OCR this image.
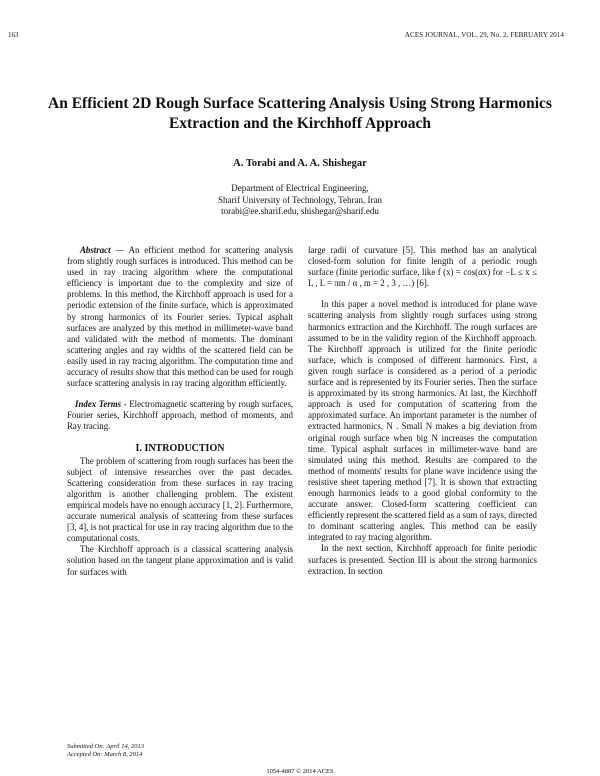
163	ACES JOURNAL, VOL. 29, No. 2, FEBRUARY 2014
An Efficient 2D Rough Surface Scattering Analysis Using Strong Harmonics Extraction and the Kirchhoff Approach
A. Torabi and A. A. Shishegar
Department of Electrical Engineering,
Sharif University of Technology, Tehran, Iran
torabi@ee.sharif.edu, shishegar@sharif.edu

Abstract — An efficient method for scattering analysis from slightly rough surfaces is introduced. This method can be used in ray tracing algorithm where the computational efficiency is important due to the complexity and size of problems. In this method, the Kirchhoff approach is used for a periodic extension of the finite surface, which is approximated by strong harmonics of its Fourier series. Typical asphalt surfaces are analyzed by this method in millimeter-wave band and validated with the method of moments. The dominant scattering angles and ray widths of the scattered field can be easily used in ray tracing algorithm. The computation time and accuracy of results show that this method can be used for rough surface scattering analysis in ray tracing algorithm efficiently.

Index Terms - Electromagnetic scattering by rough surfaces, Fourier series, Kirchhoff approach, method of moments, and Ray tracing.

I. INTRODUCTION

The problem of scattering from rough surfaces has been the subject of intensive researches over the past decades. Scattering consideration from these surfaces in ray tracing algorithm is another challenging problem. The existent empirical models have no enough accuracy [1, 2]. Furthermore, accurate numerical analysis of scattering from these surfaces [3, 4], is not practical for use in ray tracing algorithm due to the computational costs.

The Kirchhoff approach is a classical scattering analysis solution based on the tangent plane approximation and is valid for surfaces with

large radii of curvature [5]. This method has an analytical closed-form solution for finite length of a periodic rough surface (finite periodic surface, like f (x) = cos(αx) for −L ≤ x ≤ L , L = πm / α , m = 2 , 3 , …) [6].

In this paper a novel method is introduced for plane wave scattering analysis from slightly rough surfaces using strong harmonics extraction and the Kirchhoff. The rough surfaces are assumed to be in the validity region of the Kirchhoff approach. The Kirchhoff approach is utilized for the finite periodic surface, which is composed of different harmonics. First, a given rough surface is considered as a period of a periodic surface and is represented by its Fourier series. Then the surface is approximated by its strong harmonics. At last, the Kirchhoff approach is used for computation of scattering from the approximated surface. An important parameter is the number of extracted harmonics, N . Small N makes a big deviation from original rough surface when big N increases the computation time. Typical asphalt surfaces in millimeter-wave band are simulated using this method. Results are compared to the method of moments' results for plane wave incidence using the resistive sheet tapering method [7]. It is shown that extracting enough harmonics leads to a good global conformity to the accurate answer. Closed-form scattering coefficient can efficiently represent the scattered field as a sum of rays, directed to dominant scattering angles. This method can be easily integrated to ray tracing algorithm.

In the next section, Kirchhoff approach for finite periodic surfaces is presented. Section III is about the strong harmonics extraction. In section

Submitted On: April 14, 2013
Accepted On: March 8, 2014
1054-4887 © 2014 ACES
